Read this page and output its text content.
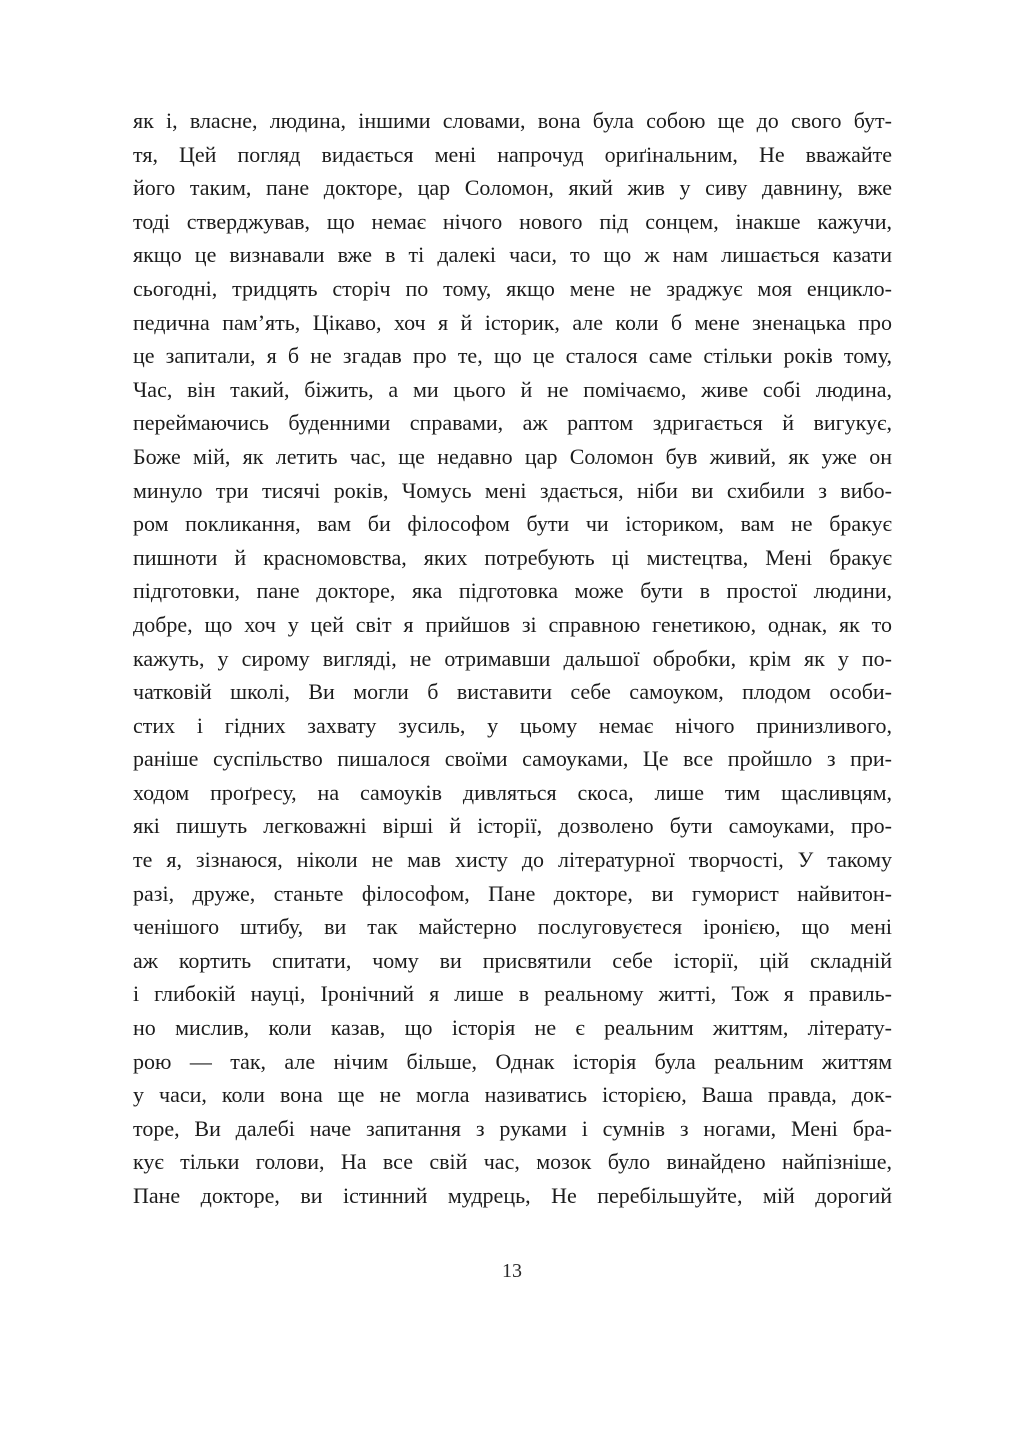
як і, власне, людина, іншими словами, вона була собою ще до свого бут-
тя, Цей погляд видається мені напрочуд ориґінальним, Не вважайте
його таким, пане докторе, цар Соломон, який жив у сиву давнину, вже
тоді стверджував, що немає нічого нового під сонцем, інакше кажучи,
якщо це визнавали вже в ті далекі часи, то що ж нам лишається казати
сьогодні, тридцять сторіч по тому, якщо мене не зраджує моя енцикло-
педична пам’ять, Цікаво, хоч я й історик, але коли б мене зненацька про
це запитали, я б не згадав про те, що це сталося саме стільки років тому,
Час, він такий, біжить, а ми цього й не помічаємо, живе собі людина,
переймаючись буденними справами, аж раптом здригається й вигукує,
Боже мій, як летить час, ще недавно цар Соломон був живий, як уже он
минуло три тисячі років, Чомусь мені здається, ніби ви схибили з вибо-
ром покликання, вам би філософом бути чи істориком, вам не бракує
пишноти й красномовства, яких потребують ці мистецтва, Мені бракує
підготовки, пане докторе, яка підготовка може бути в простої людини,
добре, що хоч у цей світ я прийшов зі справною генетикою, однак, як то
кажуть, у сирому вигляді, не отримавши дальшої обробки, крім як у по-
чатковій школі, Ви могли б виставити себе самоуком, плодом особи-
стих і гідних захвату зусиль, у цьому немає нічого принизливого,
раніше суспільство пишалося своїми самоуками, Це все пройшло з при-
ходом проґресу, на самоуків дивляться скоса, лише тим щасливцям,
які пишуть легковажні вірші й історії, дозволено бути самоуками, про-
те я, зізнаюся, ніколи не мав хисту до літературної творчості, У такому
разі, друже, станьте філософом, Пане докторе, ви гуморист найвитон-
ченішого штибу, ви так майстерно послуговуєтеся іронією, що мені
аж кортить спитати, чому ви присвятили себе історії, цій складній
і глибокій науці, Іронічний я лише в реальному житті, Тож я правиль-
но мислив, коли казав, що історія не є реальним життям, літерату-
рою — так, але нічим більше, Однак історія була реальним життям
у часи, коли вона ще не могла називатись історією, Ваша правда, док-
торе, Ви далебі наче запитання з руками і сумнів з ногами, Мені бра-
кує тільки голови, На все свій час, мозок було винайдено найпізніше,
Пане докторе, ви істинний мудрець, Не перебільшуйте, мій дорогий
13
